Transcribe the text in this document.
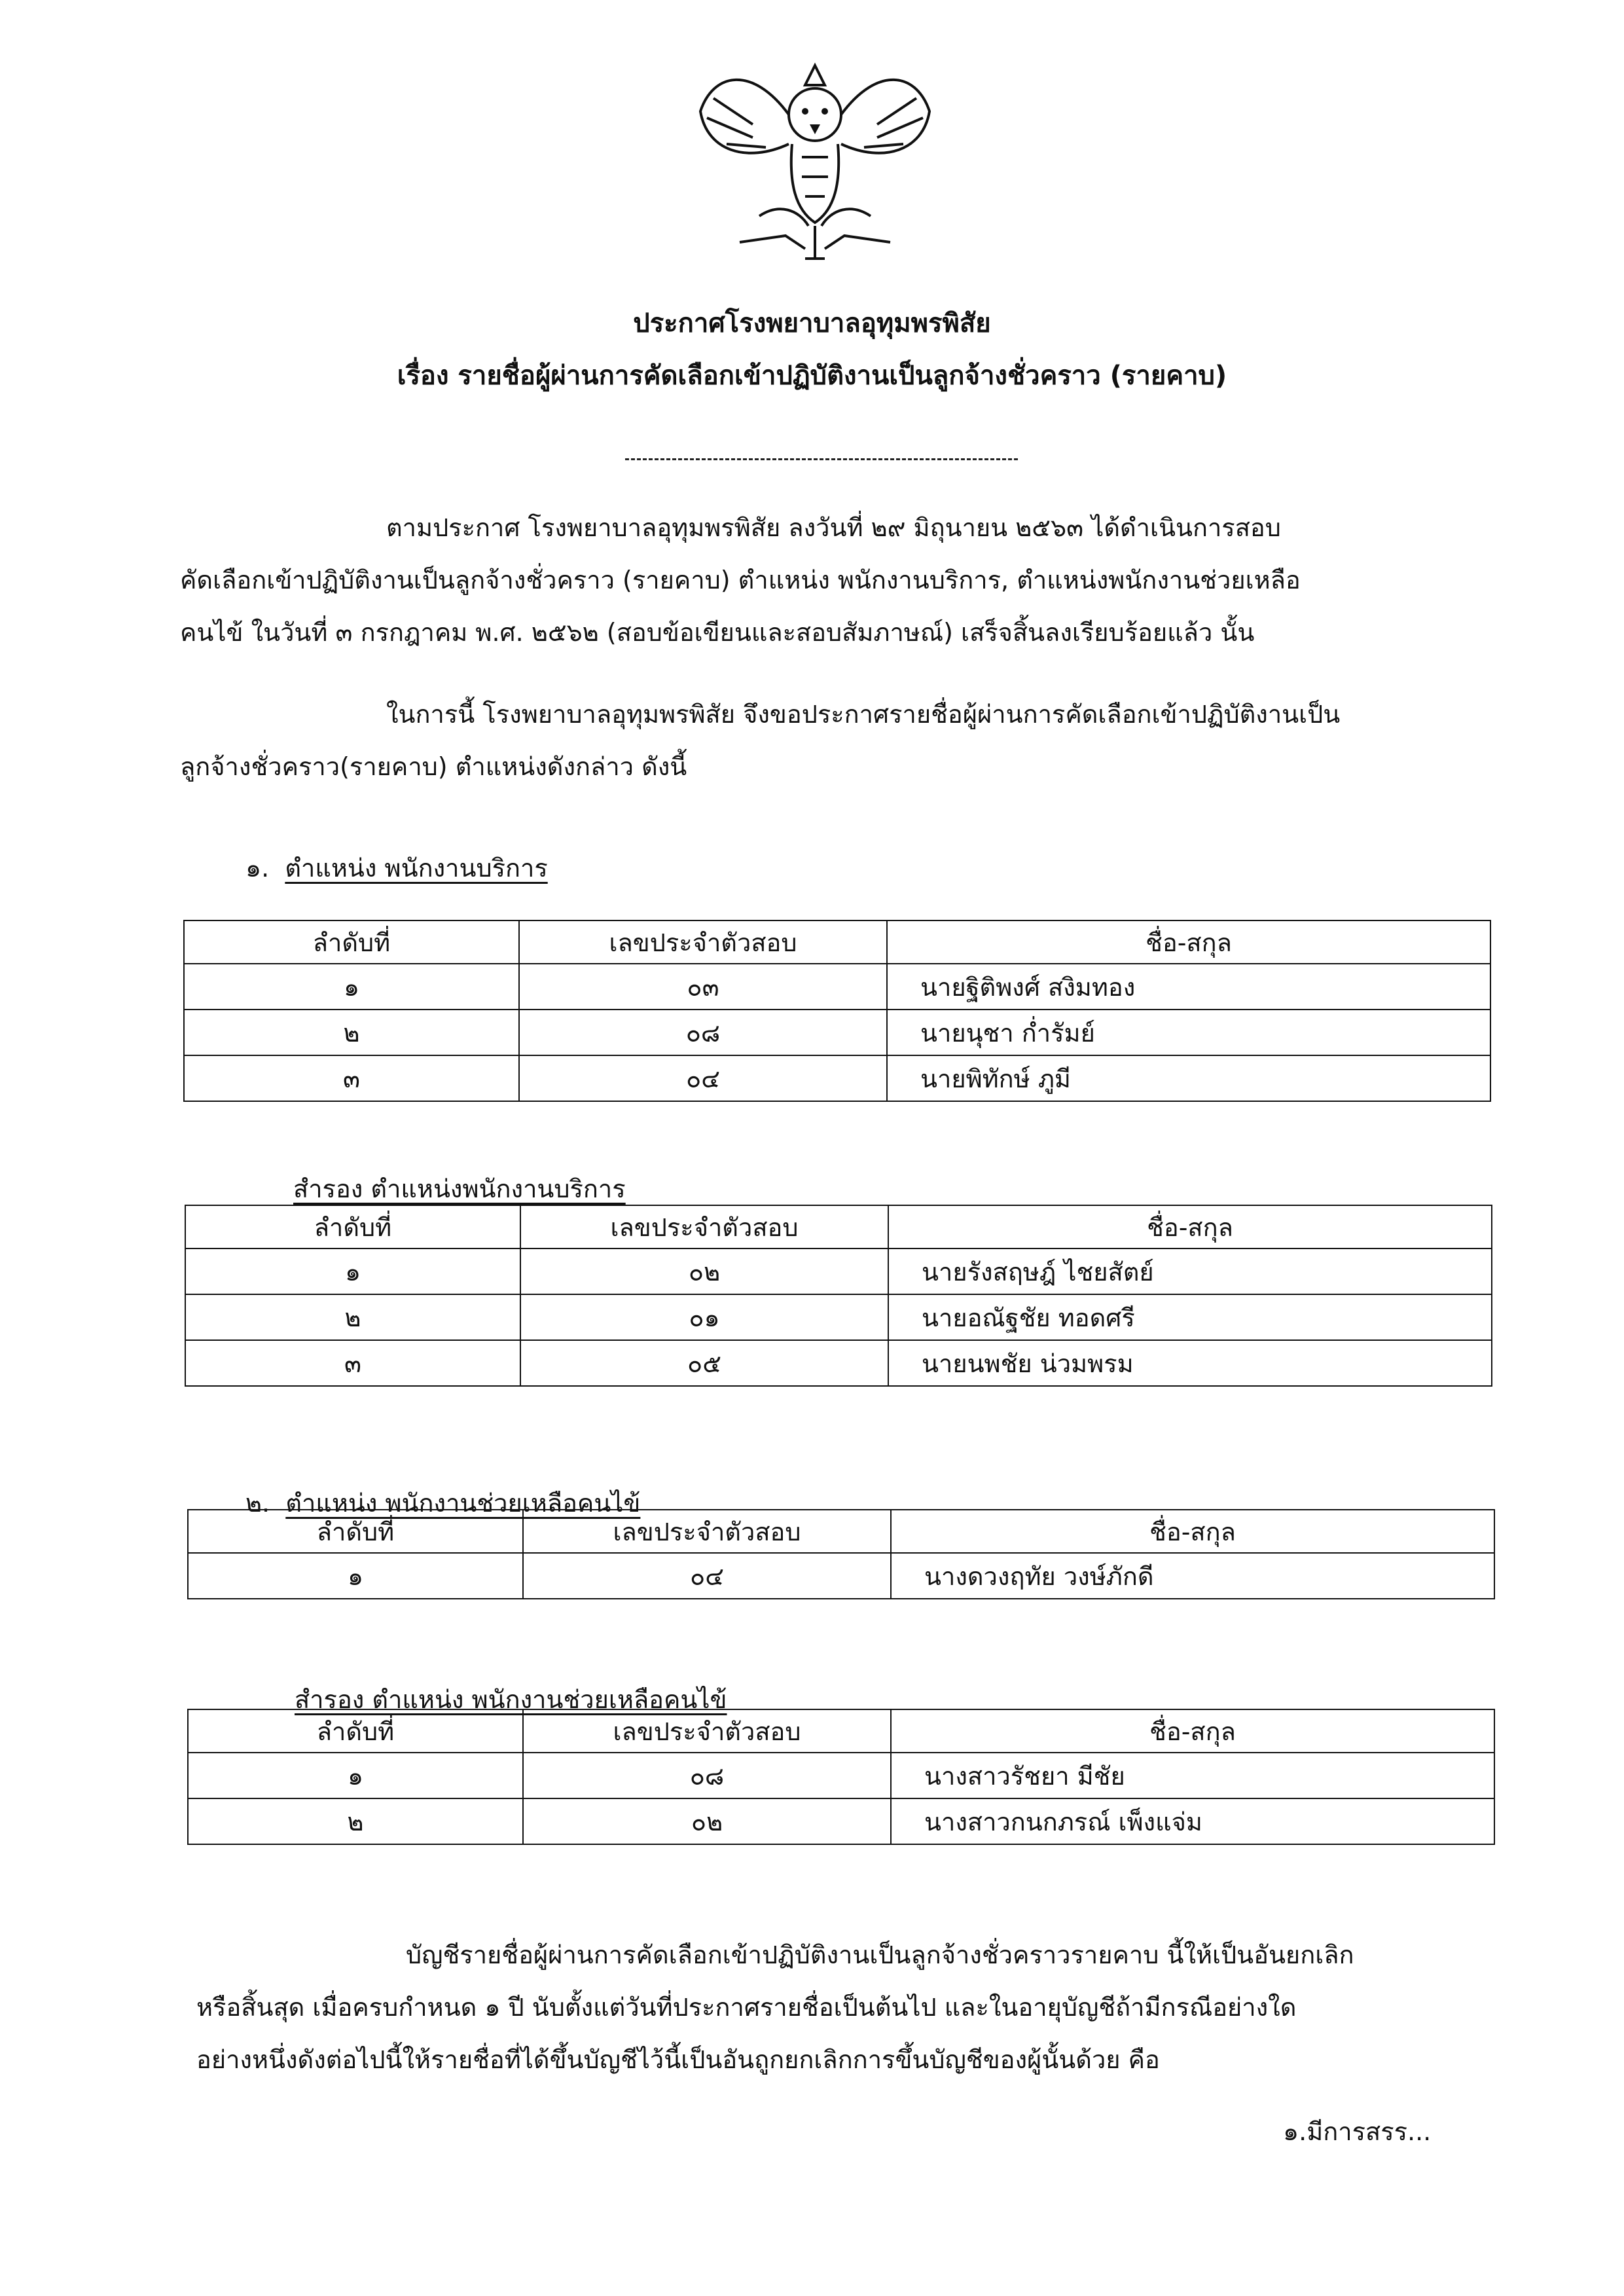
ประกาศโรงพยาบาลอุทุมพรพิสัย
เรื่อง รายชื่อผู้ผ่านการคัดเลือกเข้าปฏิบัติงานเป็นลูกจ้างชั่วคราว (รายคาบ)
ตามประกาศ โรงพยาบาลอุทุมพรพิสัย ลงวันที่ ๒๙ มิถุนายน ๒๕๖๓ ได้ดำเนินการสอบ
คัดเลือกเข้าปฏิบัติงานเป็นลูกจ้างชั่วคราว (รายคาบ) ตำแหน่ง พนักงานบริการ, ตำแหน่งพนักงานช่วยเหลือ
คนไข้ ในวันที่ ๓ กรกฎาคม พ.ศ. ๒๕๖๒ (สอบข้อเขียนและสอบสัมภาษณ์) เสร็จสิ้นลงเรียบร้อยแล้ว นั้น
ในการนี้ โรงพยาบาลอุทุมพรพิสัย จึงขอประกาศรายชื่อผู้ผ่านการคัดเลือกเข้าปฏิบัติงานเป็น
ลูกจ้างชั่วคราว(รายคาบ) ตำแหน่งดังกล่าว ดังนี้
๑. ตำแหน่ง พนักงานบริการ
ลำดับที่	เลขประจำตัวสอบ	ชื่อ-สกุล
๑	๐๓	นายฐิติพงศ์ สงิมทอง
๒	๐๘	นายนุชา ก่ำรัมย์
๓	๐๔	นายพิทักษ์ ภูมี
สำรอง ตำแหน่งพนักงานบริการ
ลำดับที่	เลขประจำตัวสอบ	ชื่อ-สกุล
๑	๐๒	นายรังสฤษฎ์ ไชยสัตย์
๒	๐๑	นายอณัฐชัย ทอดศรี
๓	๐๕	นายนพชัย น่วมพรม
๒. ตำแหน่ง พนักงานช่วยเหลือคนไข้
ลำดับที่	เลขประจำตัวสอบ	ชื่อ-สกุล
๑	๐๔	นางดวงฤทัย วงษ์ภักดี
สำรอง ตำแหน่ง พนักงานช่วยเหลือคนไข้
ลำดับที่	เลขประจำตัวสอบ	ชื่อ-สกุล
๑	๐๘	นางสาวรัชยา มีชัย
๒	๐๒	นางสาวกนกภรณ์ เพ็งแจ่ม
บัญชีรายชื่อผู้ผ่านการคัดเลือกเข้าปฏิบัติงานเป็นลูกจ้างชั่วคราวรายคาบ นี้ให้เป็นอันยกเลิก
หรือสิ้นสุด เมื่อครบกำหนด ๑ ปี นับตั้งแต่วันที่ประกาศรายชื่อเป็นต้นไป และในอายุบัญชีถ้ามีกรณีอย่างใด
อย่างหนึ่งดังต่อไปนี้ให้รายชื่อที่ได้ขึ้นบัญชีไว้นี้เป็นอันถูกยกเลิกการขึ้นบัญชีของผู้นั้นด้วย คือ
๑.มีการสรร...
